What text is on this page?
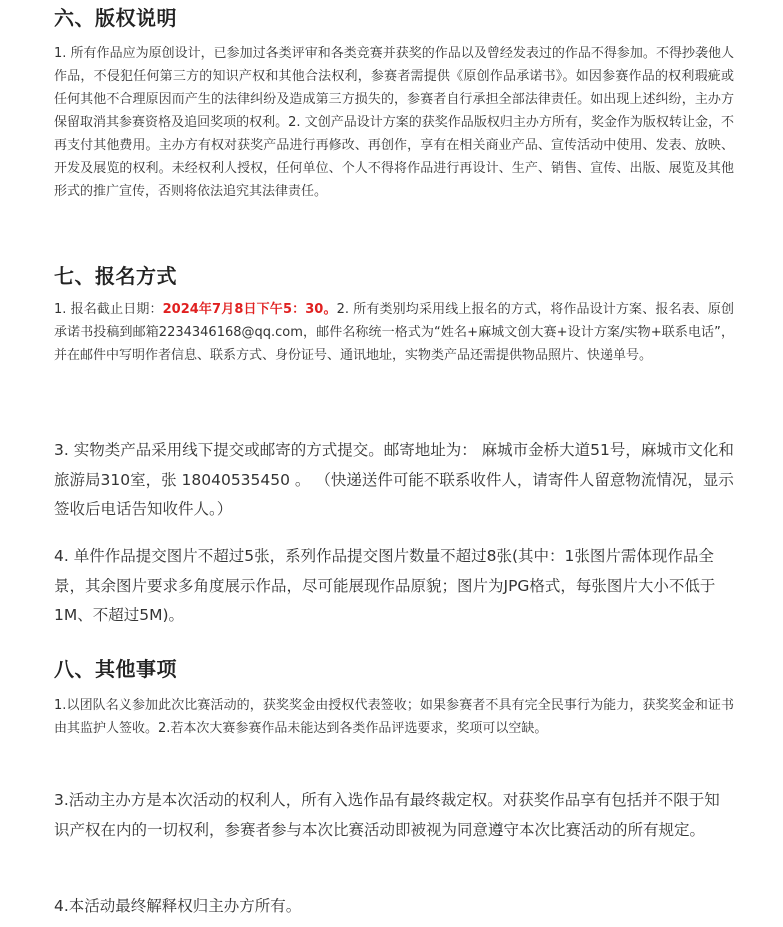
六、版权说明

1. 所有作品应为原创设计，已参加过各类评审和各类竞赛并获奖的作品以及曾经发表过的作品不得参加。不得抄袭他人作品，不侵犯任何第三方的知识产权和其他合法权利，参赛者需提供《原创作品承诺书》。如因参赛作品的权利瑕疵或任何其他不合理原因而产生的法律纠纷及造成第三方损失的，参赛者自行承担全部法律责任。如出现上述纠纷，主办方保留取消其参赛资格及追回奖项的权利。2. 文创产品设计方案的获奖作品版权归主办方所有，奖金作为版权转让金，不再支付其他费用。主办方有权对获奖产品进行再修改、再创作，享有在相关商业产品、宣传活动中使用、发表、放映、开发及展览的权利。未经权利人授权，任何单位、个人不得将作品进行再设计、生产、销售、宣传、出版、展览及其他形式的推广宣传，否则将依法追究其法律责任。

七、报名方式

1. 报名截止日期：2024年7月8日下午5：30。2. 所有类别均采用线上报名的方式，将作品设计方案、报名表、原创承诺书投稿到邮箱2234346168@qq.com，邮件名称统一格式为“姓名+麻城文创大赛+设计方案/实物+联系电话”，并在邮件中写明作者信息、联系方式、身份证号、通讯地址，实物类产品还需提供物品照片、快递单号。

3. 实物类产品采用线下提交或邮寄的方式提交。邮寄地址为： 麻城市金桥大道51号，麻城市文化和旅游局310室，张 18040535450 。 （快递送件可能不联系收件人，请寄件人留意物流情况，显示签收后电话告知收件人。）

4. 单件作品提交图片不超过5张，系列作品提交图片数量不超过8张(其中：1张图片需体现作品全景，其余图片要求多角度展示作品，尽可能展现作品原貌；图片为JPG格式，每张图片大小不低于1M、不超过5M)。

八、其他事项

1.以团队名义参加此次比赛活动的，获奖奖金由授权代表签收；如果参赛者不具有完全民事行为能力，获奖奖金和证书由其监护人签收。2.若本次大赛参赛作品未能达到各类作品评选要求，奖项可以空缺。

3.活动主办方是本次活动的权利人，所有入选作品有最终裁定权。对获奖作品享有包括并不限于知识产权在内的一切权利，参赛者参与本次比赛活动即被视为同意遵守本次比赛活动的所有规定。

4.本活动最终解释权归主办方所有。
